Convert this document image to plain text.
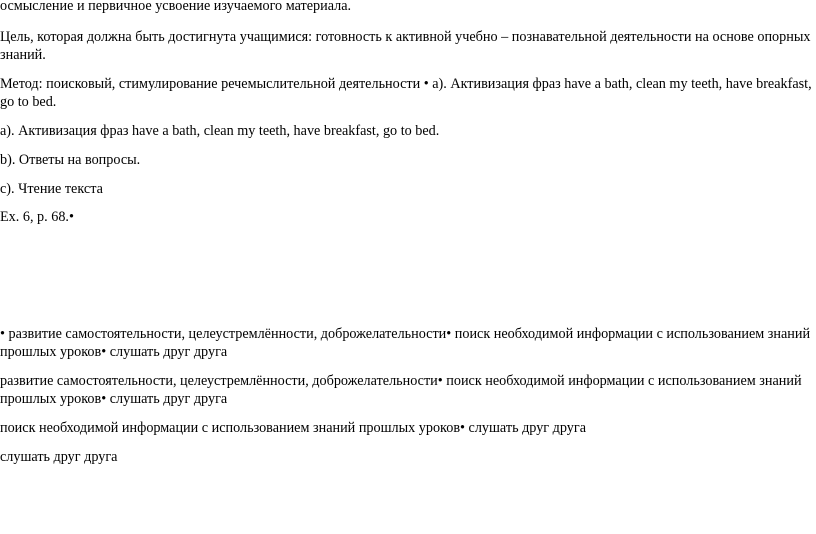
осмысление и первичное усвоение изучаемого материала.

Цель, которая должна быть достигнута учащимися: готовность к активной учебно – познавательной деятельности на основе опорных знаний.

Метод: поисковый, стимулирование речемыслительной деятельности • а). Активизация фраз have a bath, clean my teeth, have breakfast, go to bed.

а). Активизация фраз have a bath, clean my teeth, have breakfast, go to bed.

b). Ответы на вопросы.

c). Чтение текста

Ex. 6, p. 68.•

• развитие самостоятельности, целеустремлённости, доброжелательности• поиск необходимой информации с использованием знаний прошлых уроков• слушать друг друга

развитие самостоятельности, целеустремлённости, доброжелательности• поиск необходимой информации с использованием знаний прошлых уроков• слушать друг друга

поиск необходимой информации с использованием знаний прошлых уроков• слушать друг друга

слушать друг друга
